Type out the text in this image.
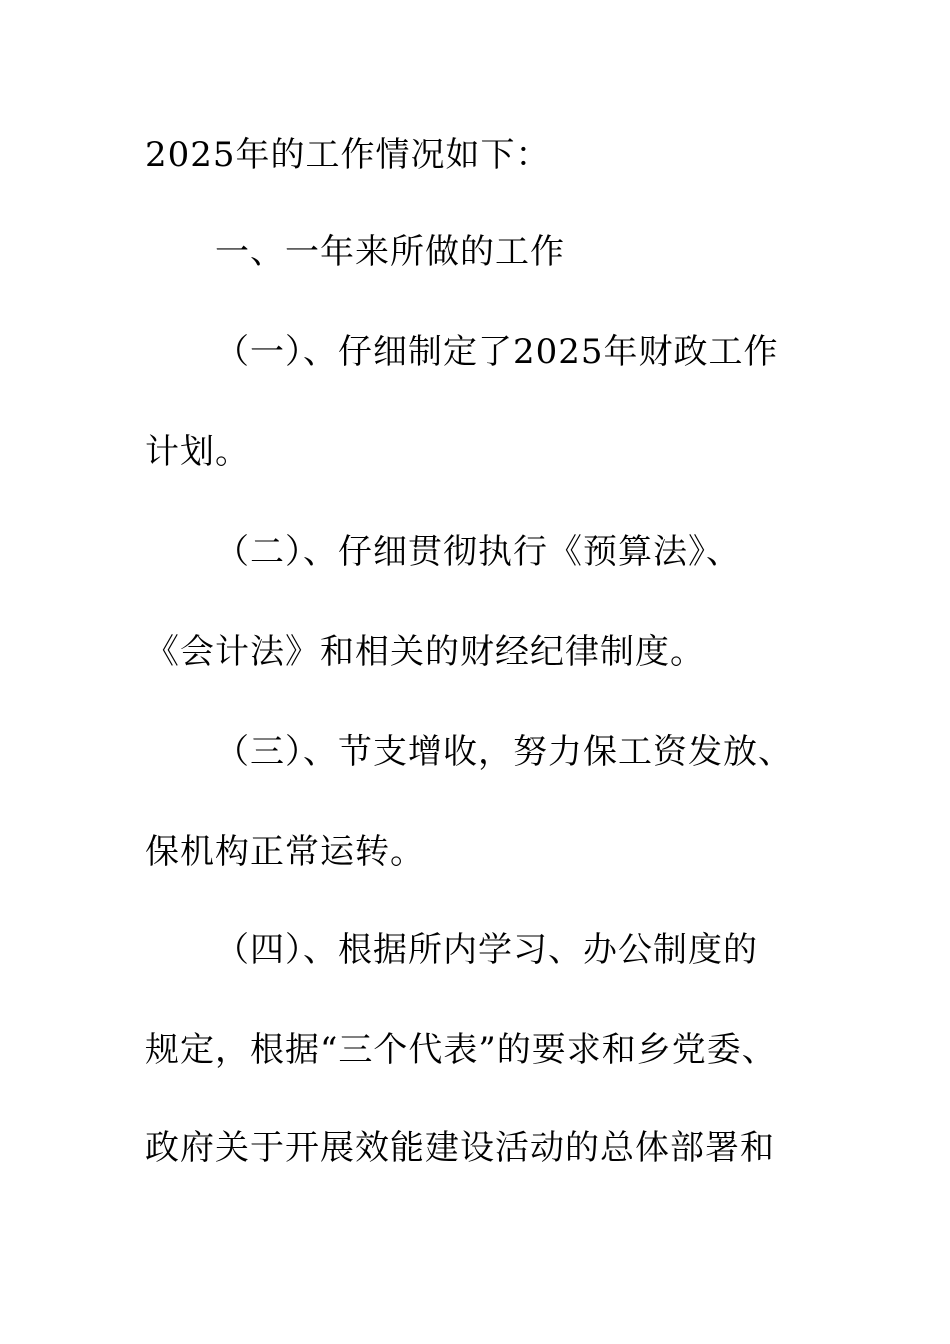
2025年的工作情况如下：
一、一年来所做的工作
（一）、仔细制定了2025年财政工作
计划。
（二）、仔细贯彻执行《预算法》、
《会计法》和相关的财经纪律制度。
（三）、节支增收，努力保工资发放、
保机构正常运转。
（四）、根据所内学习、办公制度的
规定，根据“三个代表”的要求和乡党委、
政府关于开展效能建设活动的总体部署和
